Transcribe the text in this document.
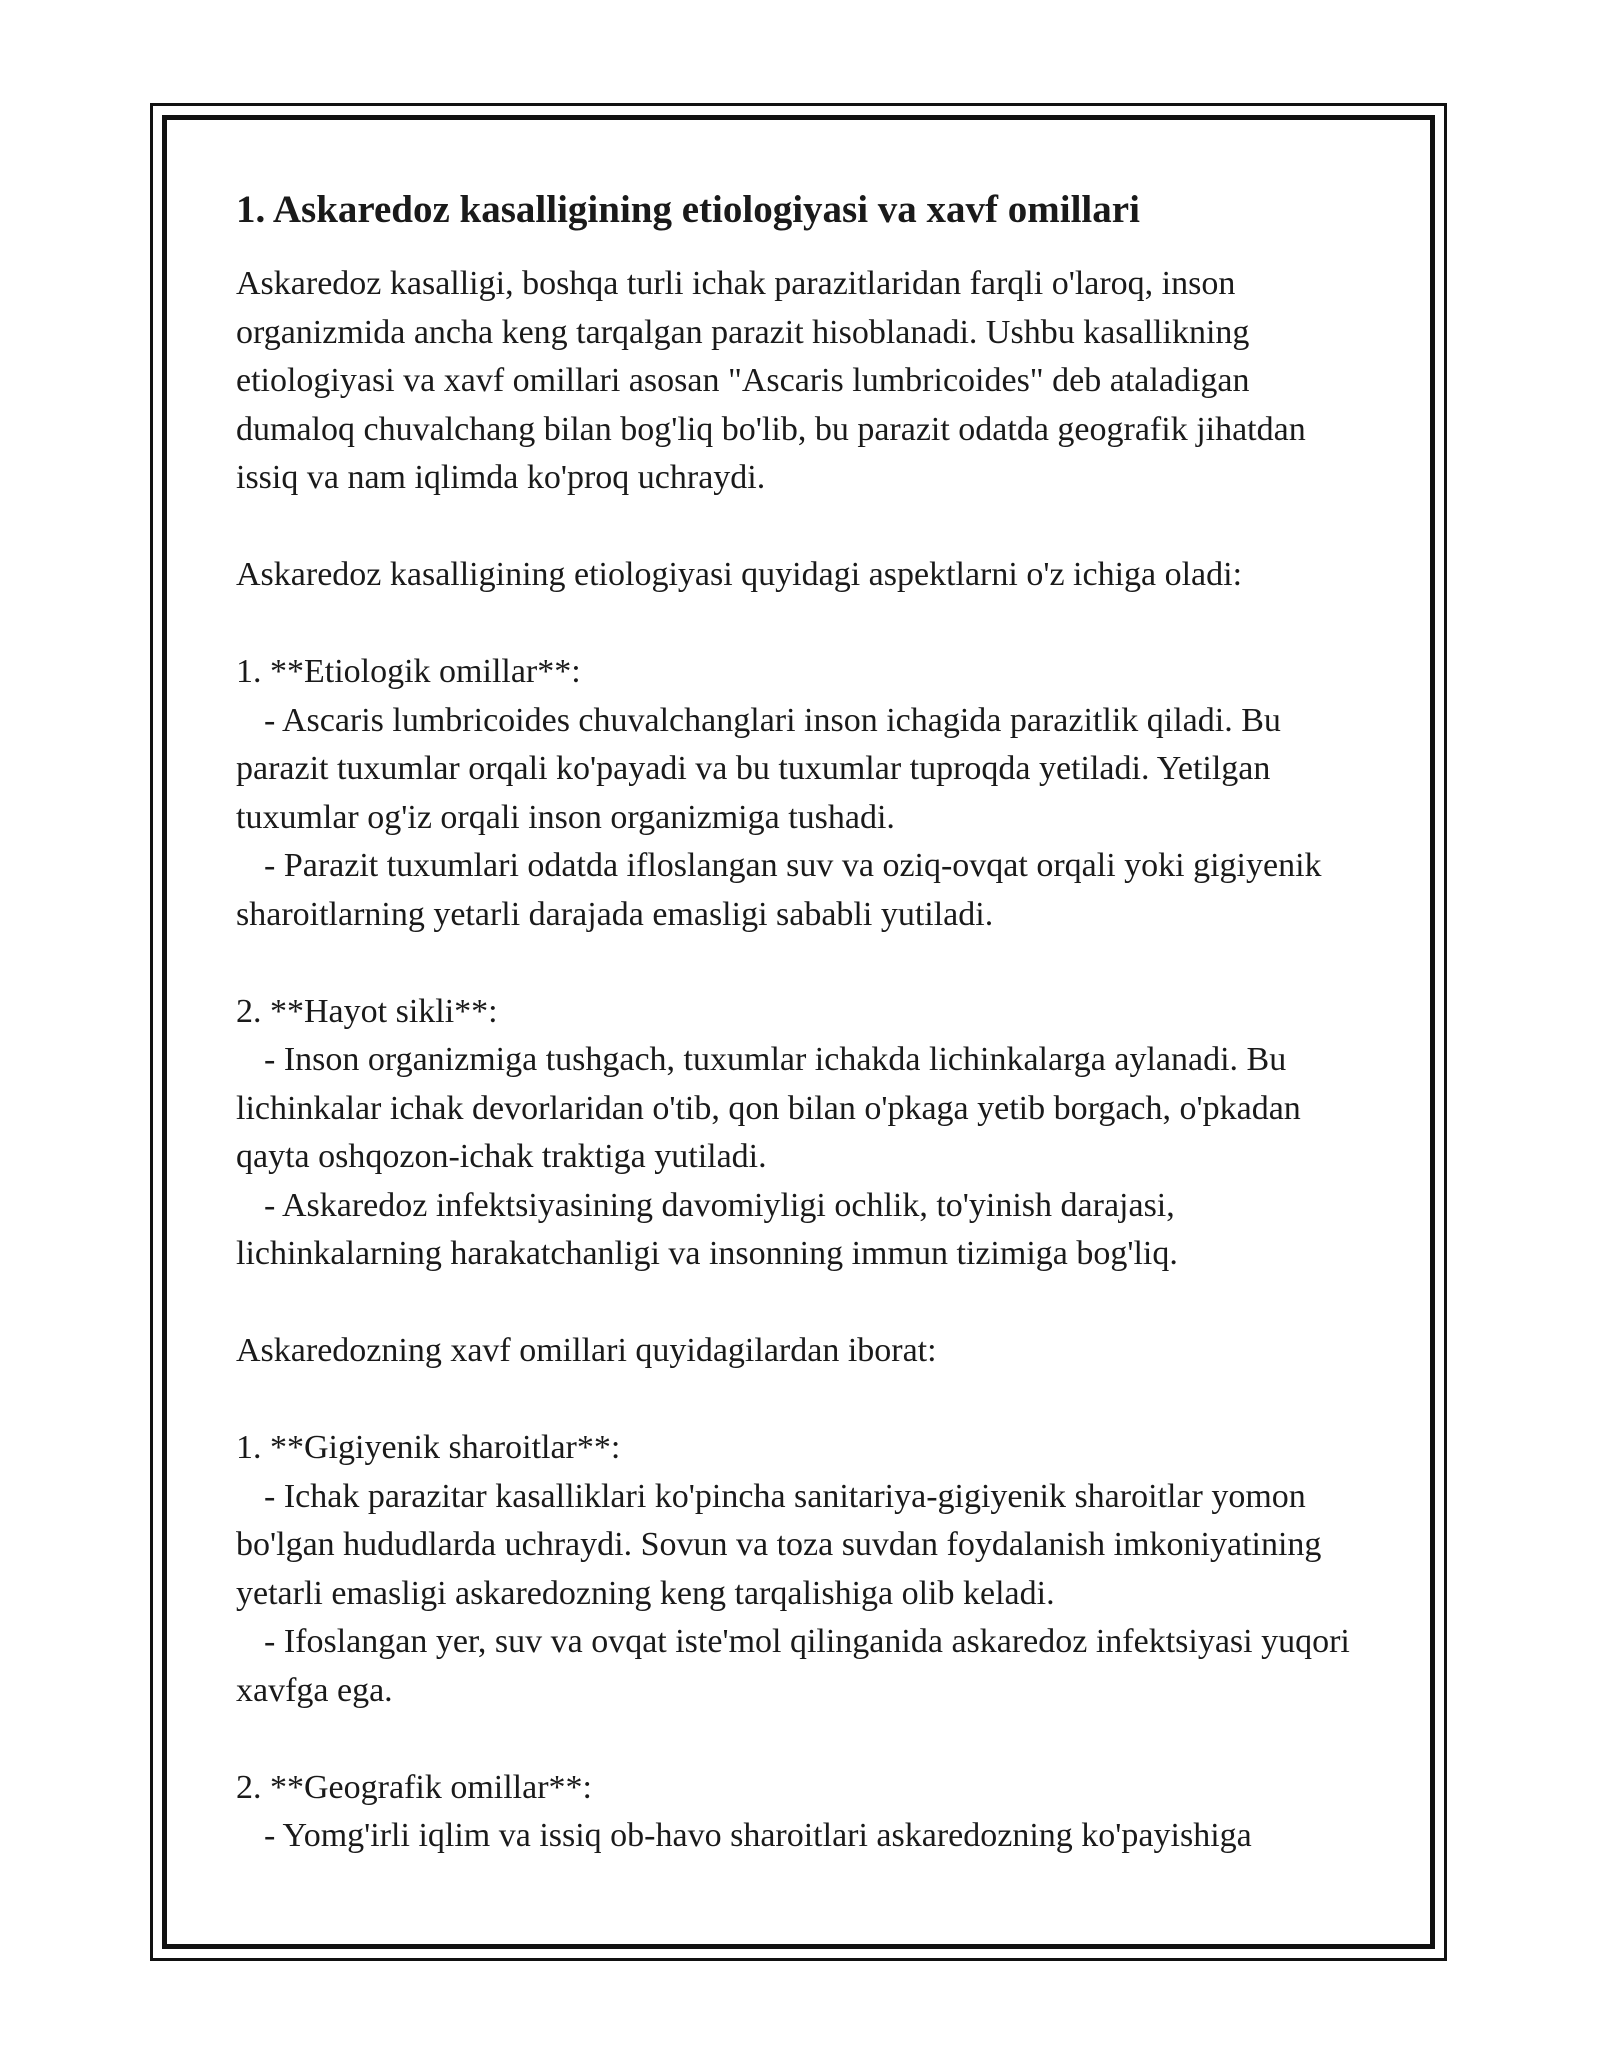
1. Askaredoz kasalligining etiologiyasi va xavf omillari

Askaredoz kasalligi, boshqa turli ichak parazitlaridan farqli o'laroq, inson organizmida ancha keng tarqalgan parazit hisoblanadi. Ushbu kasallikning etiologiyasi va xavf omillari asosan "Ascaris lumbricoides" deb ataladigan dumaloq chuvalchang bilan bog'liq bo'lib, bu parazit odatda geografik jihatdan issiq va nam iqlimda ko'proq uchraydi.

Askaredoz kasalligining etiologiyasi quyidagi aspektlarni o'z ichiga oladi:

1. **Etiologik omillar**:

- Ascaris lumbricoides chuvalchanglari inson ichagida parazitlik qiladi. Bu parazit tuxumlar orqali ko'payadi va bu tuxumlar tuproqda yetiladi. Yetilgan tuxumlar og'iz orqali inson organizmiga tushadi.

- Parazit tuxumlari odatda ifloslangan suv va oziq-ovqat orqali yoki gigiyenik sharoitlarning yetarli darajada emasligi sababli yutiladi.

2. **Hayot sikli**:

- Inson organizmiga tushgach, tuxumlar ichakda lichinkalarga aylanadi. Bu lichinkalar ichak devorlaridan o'tib, qon bilan o'pkaga yetib borgach, o'pkadan qayta oshqozon-ichak traktiga yutiladi.

- Askaredoz infektsiyasining davomiyligi ochlik, to'yinish darajasi, lichinkalarning harakatchanligi va insonning immun tizimiga bog'liq.

Askaredozning xavf omillari quyidagilardan iborat:

1. **Gigiyenik sharoitlar**:

- Ichak parazitar kasalliklari ko'pincha sanitariya-gigiyenik sharoitlar yomon bo'lgan hududlarda uchraydi. Sovun va toza suvdan foydalanish imkoniyatining yetarli emasligi askaredozning keng tarqalishiga olib keladi.

- Ifoslangan yer, suv va ovqat iste'mol qilinganida askaredoz infektsiyasi yuqori xavfga ega.

2. **Geografik omillar**:

- Yomg'irli iqlim va issiq ob-havo sharoitlari askaredozning ko'payishiga
